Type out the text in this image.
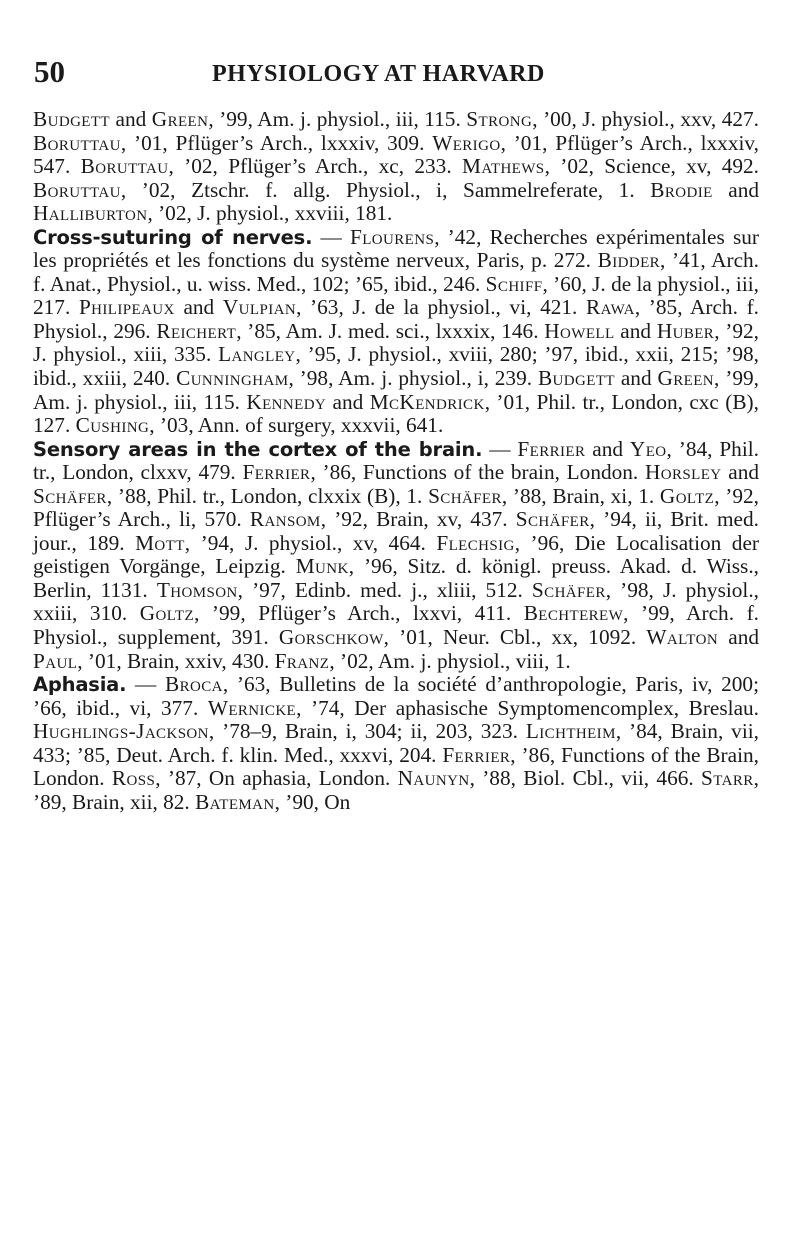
50	PHYSIOLOGY AT HARVARD

Budgett and Green, ’99, Am. j. physiol., iii, 115. Strong, ’00, J. physiol., xxv, 427. Boruttau, ’01, Pflüger’s Arch., lxxxiv, 309. Werigo, ’01, Pflüger’s Arch., lxxxiv, 547. Boruttau, ’02, Pflüger’s Arch., xc, 233. Mathews, ’02, Science, xv, 492. Boruttau, ’02, Ztschr. f. allg. Physiol., i, Sammelreferate, 1. Brodie and Halliburton, ’02, J. physiol., xxviii, 181.

Cross-suturing of nerves. — Flourens, ’42, Recherches expérimentales sur les propriétés et les fonctions du système nerveux, Paris, p. 272. Bidder, ’41, Arch. f. Anat., Physiol., u. wiss. Med., 102; ’65, ibid., 246. Schiff, ’60, J. de la physiol., iii, 217. Philipeaux and Vulpian, ’63, J. de la physiol., vi, 421. Rawa, ’85, Arch. f. Physiol., 296. Reichert, ’85, Am. J. med. sci., lxxxix, 146. Howell and Huber, ’92, J. physiol., xiii, 335. Langley, ’95, J. physiol., xviii, 280; ’97, ibid., xxii, 215; ’98, ibid., xxiii, 240. Cunningham, ’98, Am. j. physiol., i, 239. Budgett and Green, ’99, Am. j. physiol., iii, 115. Kennedy and McKendrick, ’01, Phil. tr., London, cxc (B), 127. Cushing, ’03, Ann. of surgery, xxxvii, 641.

Sensory areas in the cortex of the brain. — Ferrier and Yeo, ’84, Phil. tr., London, clxxv, 479. Ferrier, ’86, Functions of the brain, London. Horsley and Schäfer, ’88, Phil. tr., London, clxxix (B), 1. Schäfer, ’88, Brain, xi, 1. Goltz, ’92, Pflüger’s Arch., li, 570. Ransom, ’92, Brain, xv, 437. Schäfer, ’94, ii, Brit. med. jour., 189. Mott, ’94, J. physiol., xv, 464. Flechsig, ’96, Die Localisation der geistigen Vorgänge, Leipzig. Munk, ’96, Sitz. d. königl. preuss. Akad. d. Wiss., Berlin, 1131. Thomson, ’97, Edinb. med. j., xliii, 512. Schäfer, ’98, J. physiol., xxiii, 310. Goltz, ’99, Pflüger’s Arch., lxxvi, 411. Bechterew, ’99, Arch. f. Physiol., supplement, 391. Gorschkow, ’01, Neur. Cbl., xx, 1092. Walton and Paul, ’01, Brain, xxiv, 430. Franz, ’02, Am. j. physiol., viii, 1.

Aphasia. — Broca, ’63, Bulletins de la société d’anthropologie, Paris, iv, 200; ’66, ibid., vi, 377. Wernicke, ’74, Der aphasische Symptomencomplex, Breslau. Hughlings-Jackson, ’78–9, Brain, i, 304; ii, 203, 323. Lichtheim, ’84, Brain, vii, 433; ’85, Deut. Arch. f. klin. Med., xxxvi, 204. Ferrier, ’86, Functions of the Brain, London. Ross, ’87, On aphasia, London. Naunyn, ’88, Biol. Cbl., vii, 466. Starr, ’89, Brain, xii, 82. Bateman, ’90, On
